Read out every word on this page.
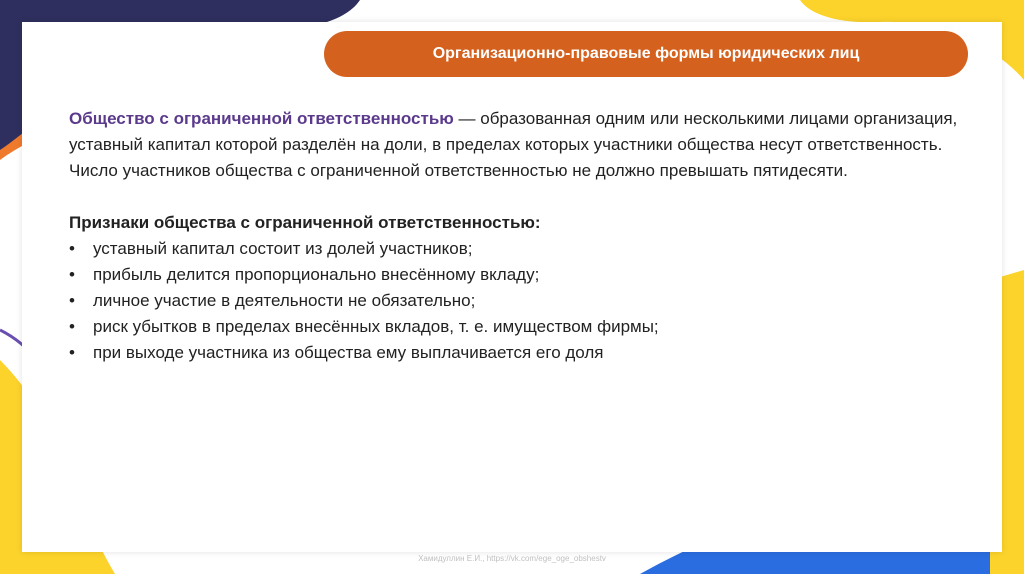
Организационно-правовые формы юридических лиц

Общество с ограниченной ответственностью — образованная одним или несколькими лицами организация, уставный капитал которой разделён на доли, в пределах которых участники общества несут ответственность. Число участников общества с ограниченной ответственностью не должно превышать пятидесяти.

Признаки общества с ограниченной ответственностью:

•	уставный капитал состоит из долей участников;
•	прибыль делится пропорционально внесённому вкладу;
•	личное участие в деятельности не обязательно;
•	риск убытков в пределах внесённых вкладов, т. е. имуществом фирмы;
•	при выходе участника из общества ему выплачивается его доля
Хамидуллин Е.И., https://vk.com/ege_oge_obshestv
